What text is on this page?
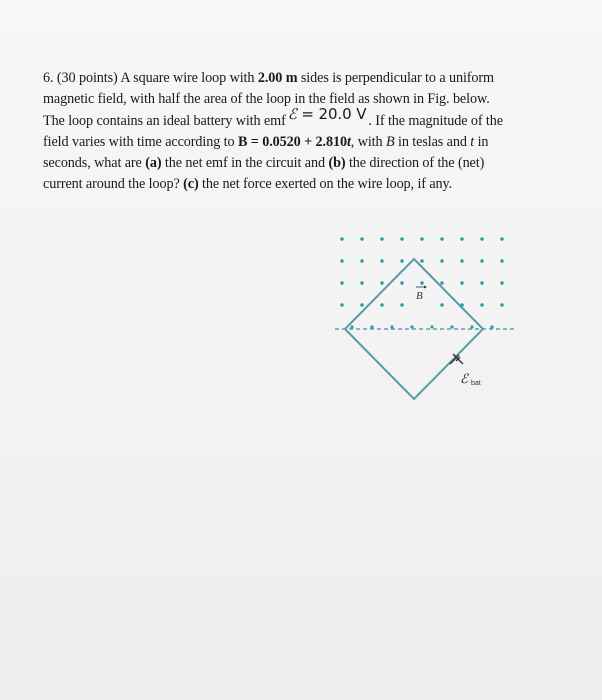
6. (30 points) A square wire loop with 2.00 m sides is perpendicular to a uniform
magnetic field, with half the area of the loop in the field as shown in Fig. below.
The loop contains an ideal battery with emf ℰ = 20.0 V . If the magnitude of the
field varies with time according to B = 0.0520 + 2.810t, with B in teslas and t in
seconds, what are (a) the net emf in the circuit and (b) the direction of the (net)
current around the loop? (c) the net force exerted on the wire loop, if any.
B
ℰ bat
